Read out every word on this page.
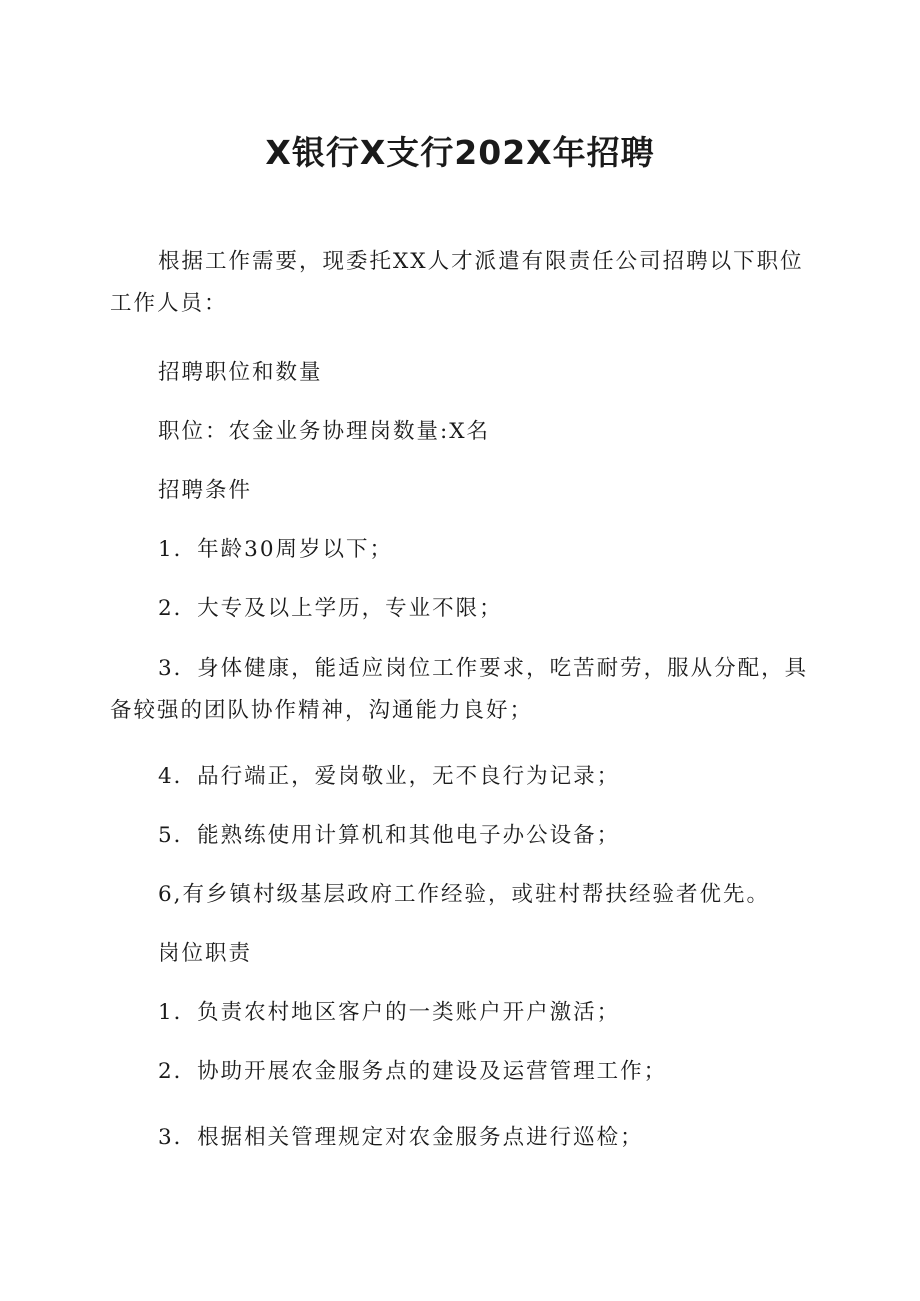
X银行X支行202X年招聘
根据工作需要，现委托XX人才派遣有限责任公司招聘以下职位
工作人员：
招聘职位和数量
职位：农金业务协理岗数量:X名
招聘条件
1．年龄30周岁以下；
2．大专及以上学历，专业不限；
3．身体健康，能适应岗位工作要求，吃苦耐劳，服从分配，具
备较强的团队协作精神，沟通能力良好；
4．品行端正，爱岗敬业，无不良行为记录；
5．能熟练使用计算机和其他电子办公设备；
6,有乡镇村级基层政府工作经验，或驻村帮扶经验者优先。
岗位职责
1．负责农村地区客户的一类账户开户激活；
2．协助开展农金服务点的建设及运营管理工作；
3．根据相关管理规定对农金服务点进行巡检；
